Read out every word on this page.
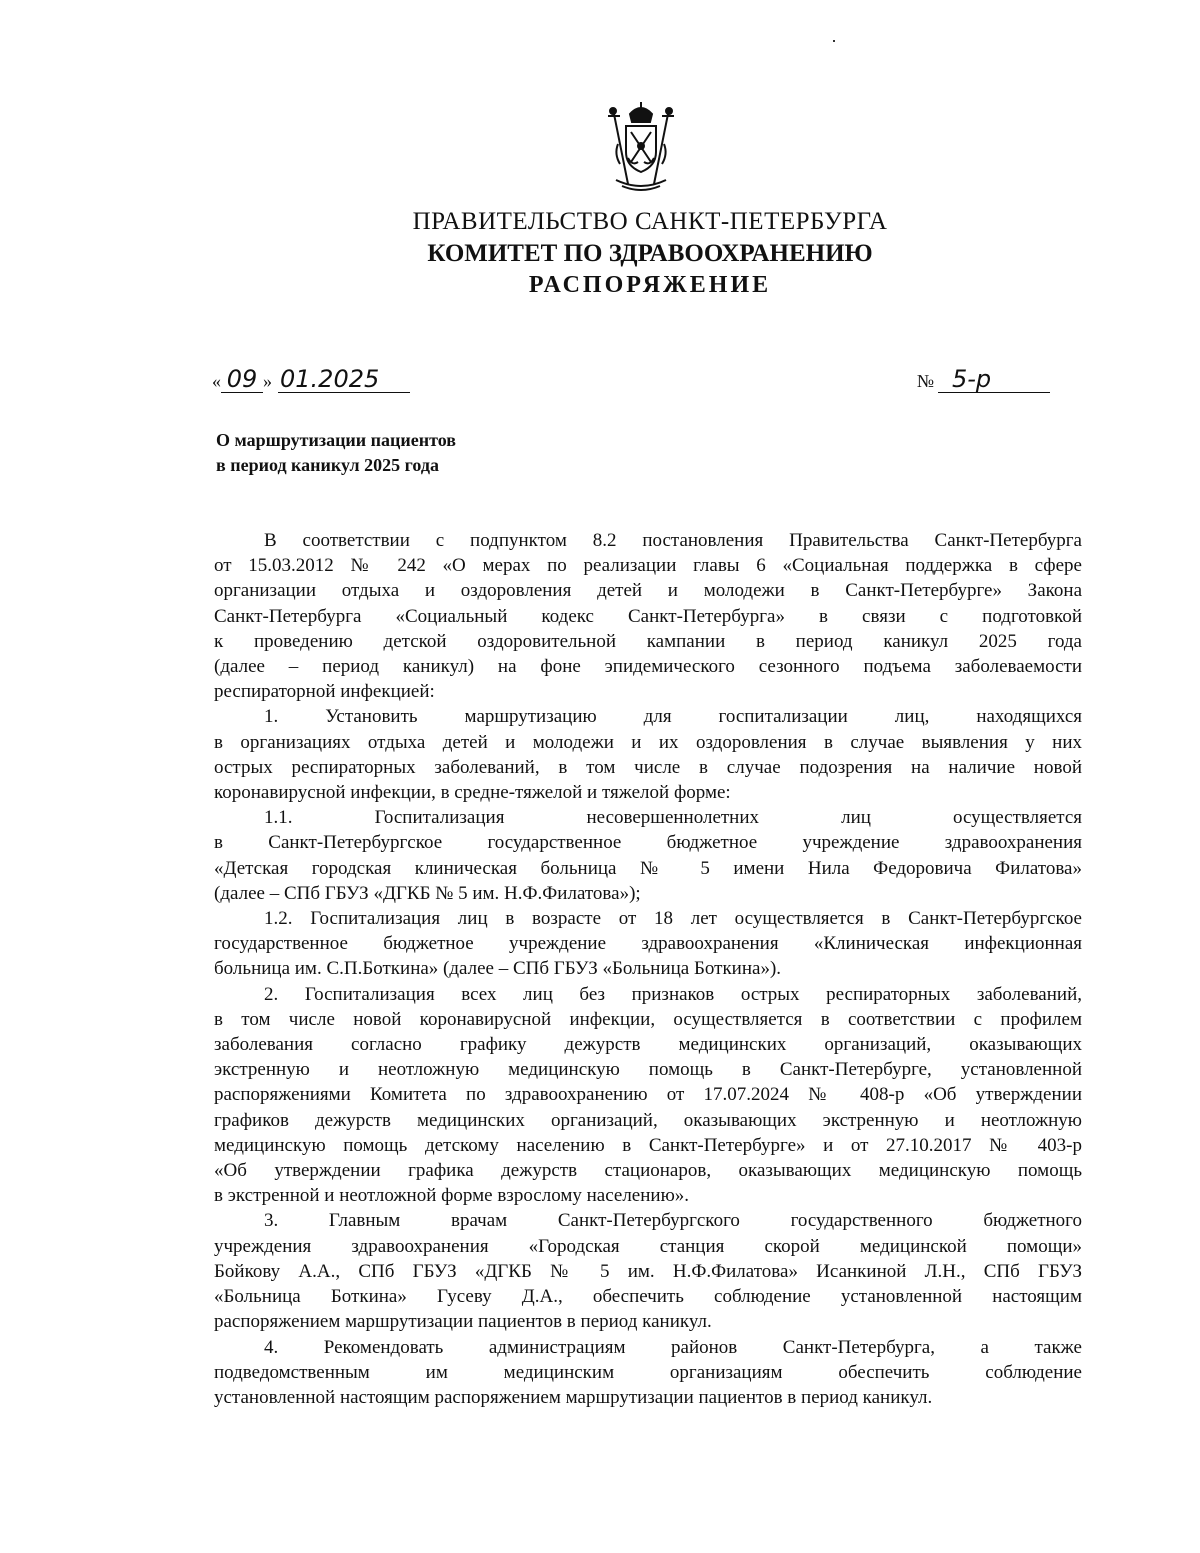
ПРАВИТЕЛЬСТВО САНКТ-ПЕТЕРБУРГА
КОМИТЕТ ПО ЗДРАВООХРАНЕНИЮ
РАСПОРЯЖЕНИЕ
« 09 » 01.2025	№ 5-р
О маршрутизации пациентов
в период каникул 2025 года

В соответствии с подпунктом 8.2 постановления Правительства Санкт-Петербурга
от 15.03.2012 № 242 «О мерах по реализации главы 6 «Социальная поддержка в сфере
организации отдыха и оздоровления детей и молодежи в Санкт-Петербурге» Закона
Санкт-Петербурга «Социальный кодекс Санкт-Петербурга» в связи с подготовкой
к проведению детской оздоровительной кампании в период каникул 2025 года
(далее – период каникул) на фоне эпидемического сезонного подъема заболеваемости
респираторной инфекцией:

1. Установить маршрутизацию для госпитализации лиц, находящихся
в организациях отдыха детей и молодежи и их оздоровления в случае выявления у них
острых респираторных заболеваний, в том числе в случае подозрения на наличие новой
коронавирусной инфекции, в средне-тяжелой и тяжелой форме:

1.1. Госпитализация несовершеннолетних лиц осуществляется
в Санкт-Петербургское государственное бюджетное учреждение здравоохранения
«Детская городская клиническая больница № 5 имени Нила Федоровича Филатова»
(далее – СПб ГБУЗ «ДГКБ № 5 им. Н.Ф.Филатова»);

1.2. Госпитализация лиц в возрасте от 18 лет осуществляется в Санкт-Петербургское
государственное бюджетное учреждение здравоохранения «Клиническая инфекционная
больница им. С.П.Боткина» (далее – СПб ГБУЗ «Больница Боткина»).

2. Госпитализация всех лиц без признаков острых респираторных заболеваний,
в том числе новой коронавирусной инфекции, осуществляется в соответствии с профилем
заболевания согласно графику дежурств медицинских организаций, оказывающих
экстренную и неотложную медицинскую помощь в Санкт-Петербурге, установленной
распоряжениями Комитета по здравоохранению от 17.07.2024 № 408-р «Об утверждении
графиков дежурств медицинских организаций, оказывающих экстренную и неотложную
медицинскую помощь детскому населению в Санкт-Петербурге» и от 27.10.2017 № 403-р
«Об утверждении графика дежурств стационаров, оказывающих медицинскую помощь
в экстренной и неотложной форме взрослому населению».

3. Главным врачам Санкт-Петербургского государственного бюджетного
учреждения здравоохранения «Городская станция скорой медицинской помощи»
Бойкову А.А., СПб ГБУЗ «ДГКБ № 5 им. Н.Ф.Филатова» Исанкиной Л.Н., СПб ГБУЗ
«Больница Боткина» Гусеву Д.А., обеспечить соблюдение установленной настоящим
распоряжением маршрутизации пациентов в период каникул.

4. Рекомендовать администрациям районов Санкт-Петербурга, а также
подведомственным им медицинским организациям обеспечить соблюдение
установленной настоящим распоряжением маршрутизации пациентов в период каникул.
